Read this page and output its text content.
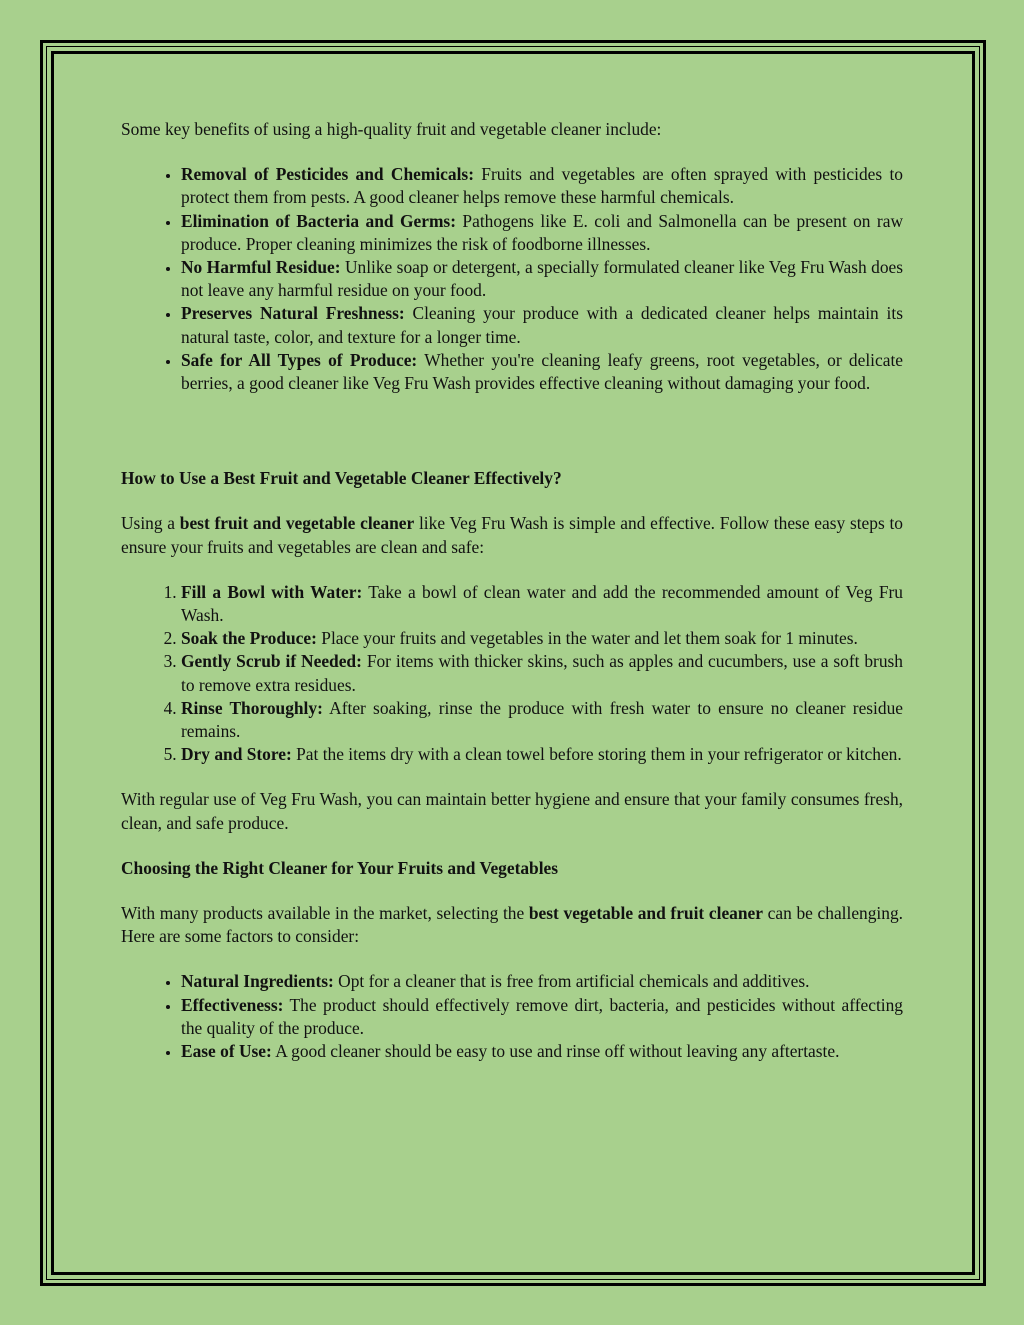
Some key benefits of using a high-quality fruit and vegetable cleaner include:

• Removal of Pesticides and Chemicals: Fruits and vegetables are often sprayed with pesticides to protect them from pests. A good cleaner helps remove these harmful chemicals.
• Elimination of Bacteria and Germs: Pathogens like E. coli and Salmonella can be present on raw produce. Proper cleaning minimizes the risk of foodborne illnesses.
• No Harmful Residue: Unlike soap or detergent, a specially formulated cleaner like Veg Fru Wash does not leave any harmful residue on your food.
• Preserves Natural Freshness: Cleaning your produce with a dedicated cleaner helps maintain its natural taste, color, and texture for a longer time.
• Safe for All Types of Produce: Whether you're cleaning leafy greens, root vegetables, or delicate berries, a good cleaner like Veg Fru Wash provides effective cleaning without damaging your food.

How to Use a Best Fruit and Vegetable Cleaner Effectively?

Using a best fruit and vegetable cleaner like Veg Fru Wash is simple and effective. Follow these easy steps to ensure your fruits and vegetables are clean and safe:

1. Fill a Bowl with Water: Take a bowl of clean water and add the recommended amount of Veg Fru Wash.
2. Soak the Produce: Place your fruits and vegetables in the water and let them soak for 1 minutes.
3. Gently Scrub if Needed: For items with thicker skins, such as apples and cucumbers, use a soft brush to remove extra residues.
4. Rinse Thoroughly: After soaking, rinse the produce with fresh water to ensure no cleaner residue remains.
5. Dry and Store: Pat the items dry with a clean towel before storing them in your refrigerator or kitchen.

With regular use of Veg Fru Wash, you can maintain better hygiene and ensure that your family consumes fresh, clean, and safe produce.

Choosing the Right Cleaner for Your Fruits and Vegetables

With many products available in the market, selecting the best vegetable and fruit cleaner can be challenging. Here are some factors to consider:

• Natural Ingredients: Opt for a cleaner that is free from artificial chemicals and additives.
• Effectiveness: The product should effectively remove dirt, bacteria, and pesticides without affecting the quality of the produce.
• Ease of Use: A good cleaner should be easy to use and rinse off without leaving any aftertaste.
